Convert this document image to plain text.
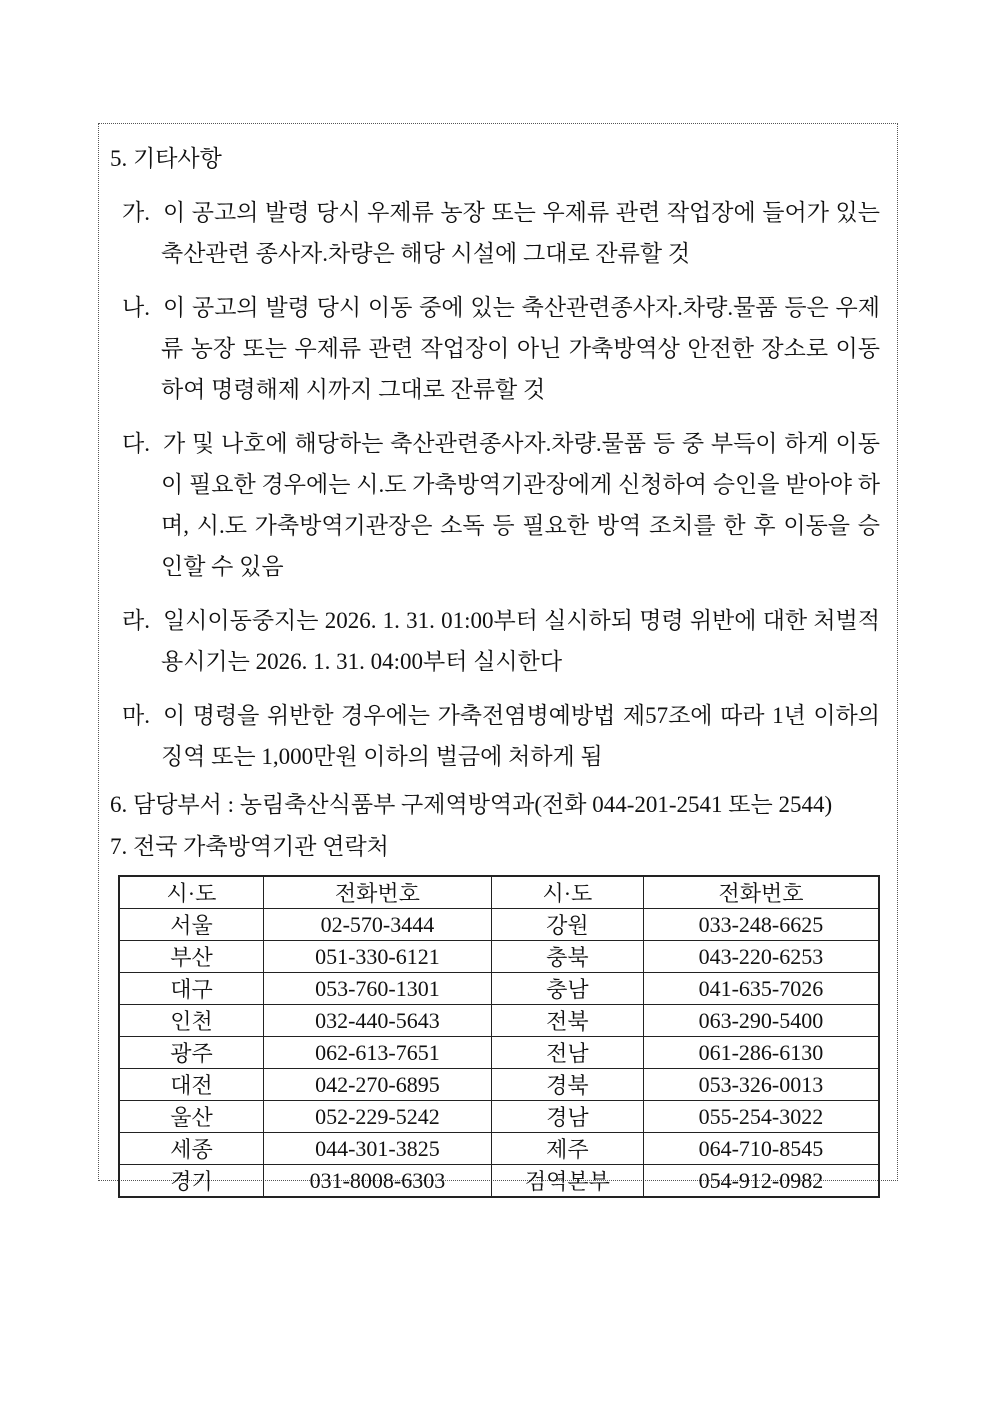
5. 기타사항
가. 이 공고의 발령 당시 우제류 농장 또는 우제류 관련 작업장에 들어가 있는 축산관련 종사자.차량은 해당 시설에 그대로 잔류할 것
나. 이 공고의 발령 당시 이동 중에 있는 축산관련종사자.차량.물품 등은 우제류 농장 또는 우제류 관련 작업장이 아닌 가축방역상 안전한 장소로 이동하여 명령해제 시까지 그대로 잔류할 것
다. 가 및 나호에 해당하는 축산관련종사자.차량.물품 등 중 부득이 하게 이동이 필요한 경우에는 시.도 가축방역기관장에게 신청하여 승인을 받아야 하며, 시.도 가축방역기관장은 소독 등 필요한 방역 조치를 한 후 이동을 승인할 수 있음
라. 일시이동중지는 2026. 1. 31. 01:00부터 실시하되 명령 위반에 대한 처벌적용시기는 2026. 1. 31. 04:00부터 실시한다
마. 이 명령을 위반한 경우에는 가축전염병예방법 제57조에 따라 1년 이하의 징역 또는 1,000만원 이하의 벌금에 처하게 됨
6. 담당부서 : 농림축산식품부 구제역방역과(전화 044-201-2541 또는 2544)
7. 전국 가축방역기관 연락처
시·도	전화번호	시·도	전화번호
서울	02-570-3444	강원	033-248-6625
부산	051-330-6121	충북	043-220-6253
대구	053-760-1301	충남	041-635-7026
인천	032-440-5643	전북	063-290-5400
광주	062-613-7651	전남	061-286-6130
대전	042-270-6895	경북	053-326-0013
울산	052-229-5242	경남	055-254-3022
세종	044-301-3825	제주	064-710-8545
경기	031-8008-6303	검역본부	054-912-0982
